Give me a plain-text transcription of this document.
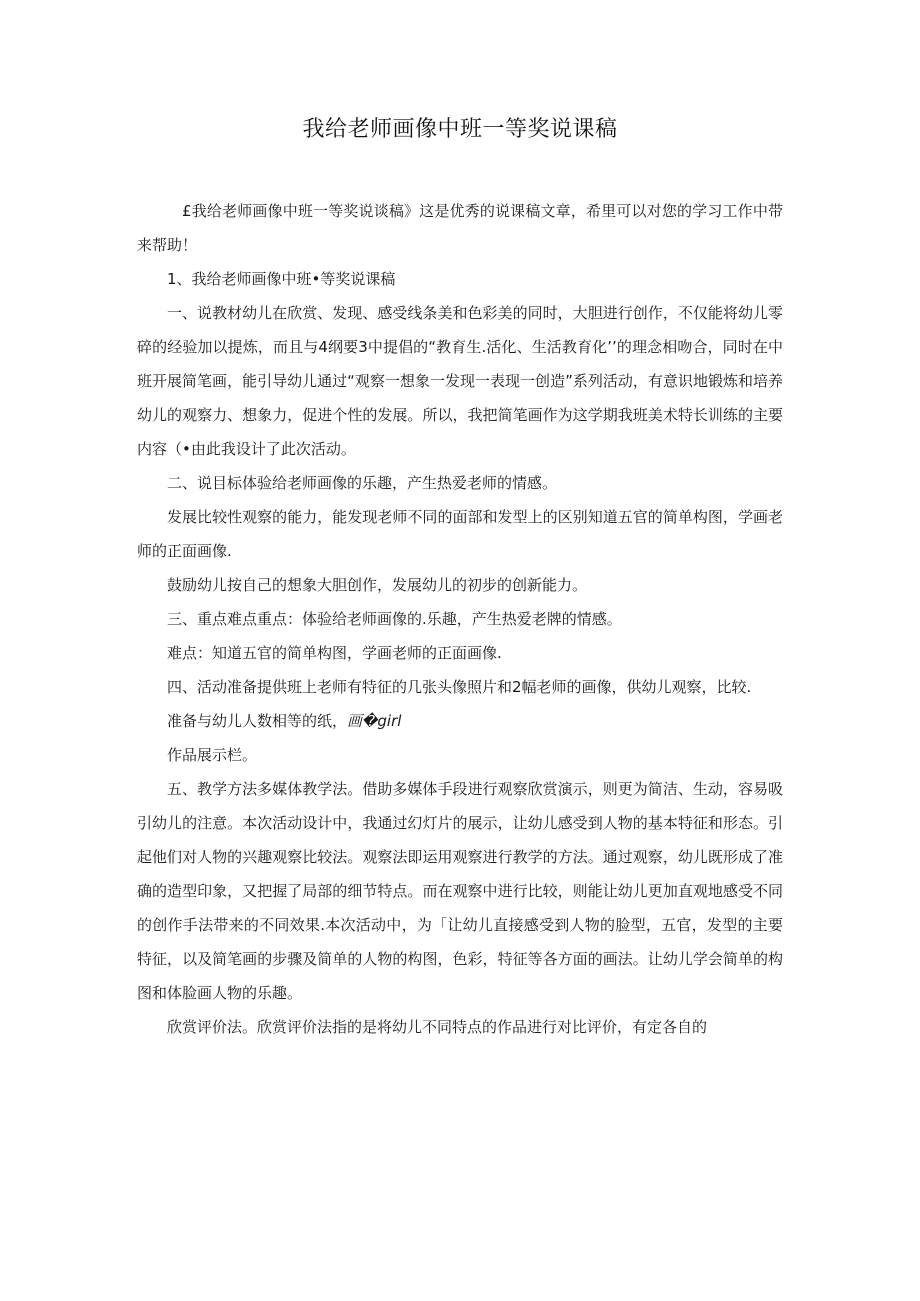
我给老师画像中班一等奖说课稿

£我给老师画像中班一等奖说谈稿》这是优秀的说课稿文章，希里可以对您的学习工作中带来帮助！

1、我给老师画像中班•等奖说课稿

一、说教材幼儿在欣赏、发现、感受线条美和色彩美的同时，大胆进行创作，不仅能将幼儿零碎的经验加以提炼，而且与4纲要3中提倡的“教育生.活化、生活教育化’’的理念相吻合，同时在中班开展简笔画，能引导幼儿通过“观察一想象一发现一表现一创造”系列活动，有意识地锻炼和培养幼儿的观察力、想象力，促进个性的发展。所以，我把简笔画作为这学期我班美术特长训练的主要内容（•由此我设计了此次活动。

二、说目标体验给老师画像的乐趣，产生热爱老师的情感。

发展比较性观察的能力，能发现老师不同的面部和发型上的区别知道五官的简单构图，学画老师的正面画像.

鼓励幼儿按自己的想象大胆创作，发展幼儿的初步的创新能力。

三、重点难点重点：体验给老师画像的.乐趣，产生热爱老牌的情感。

难点：知道五官的简单构图，学画老师的正面画像.

四、活动准备提供班上老师有特征的几张头像照片和2幅老师的画像，供幼儿观察，比较.

准备与幼儿人数相等的纸，画�girl

作品展示栏。

五、教学方法多媒体教学法。借助多媒体手段进行观察欣赏演示，则更为简洁、生动，容易吸引幼儿的注意。本次活动设计中，我通过幻灯片的展示，让幼儿感受到人物的基本特征和形态。引起他们对人物的兴趣观察比较法。观察法即运用观察进行教学的方法。通过观察，幼儿既形成了准确的造型印象，又把握了局部的细节特点。而在观察中进行比较，则能让幼儿更加直观地感受不同的创作手法带来的不同效果.本次活动中，为「让幼儿直接感受到人物的脸型，五官，发型的主要特征，以及简笔画的步骤及简单的人物的构图，色彩，特征等各方面的画法。让幼儿学会简单的构图和体脸画人物的乐趣。

欣赏评价法。欣赏评价法指的是将幼儿不同特点的作品进行对比评价，有定各自的
